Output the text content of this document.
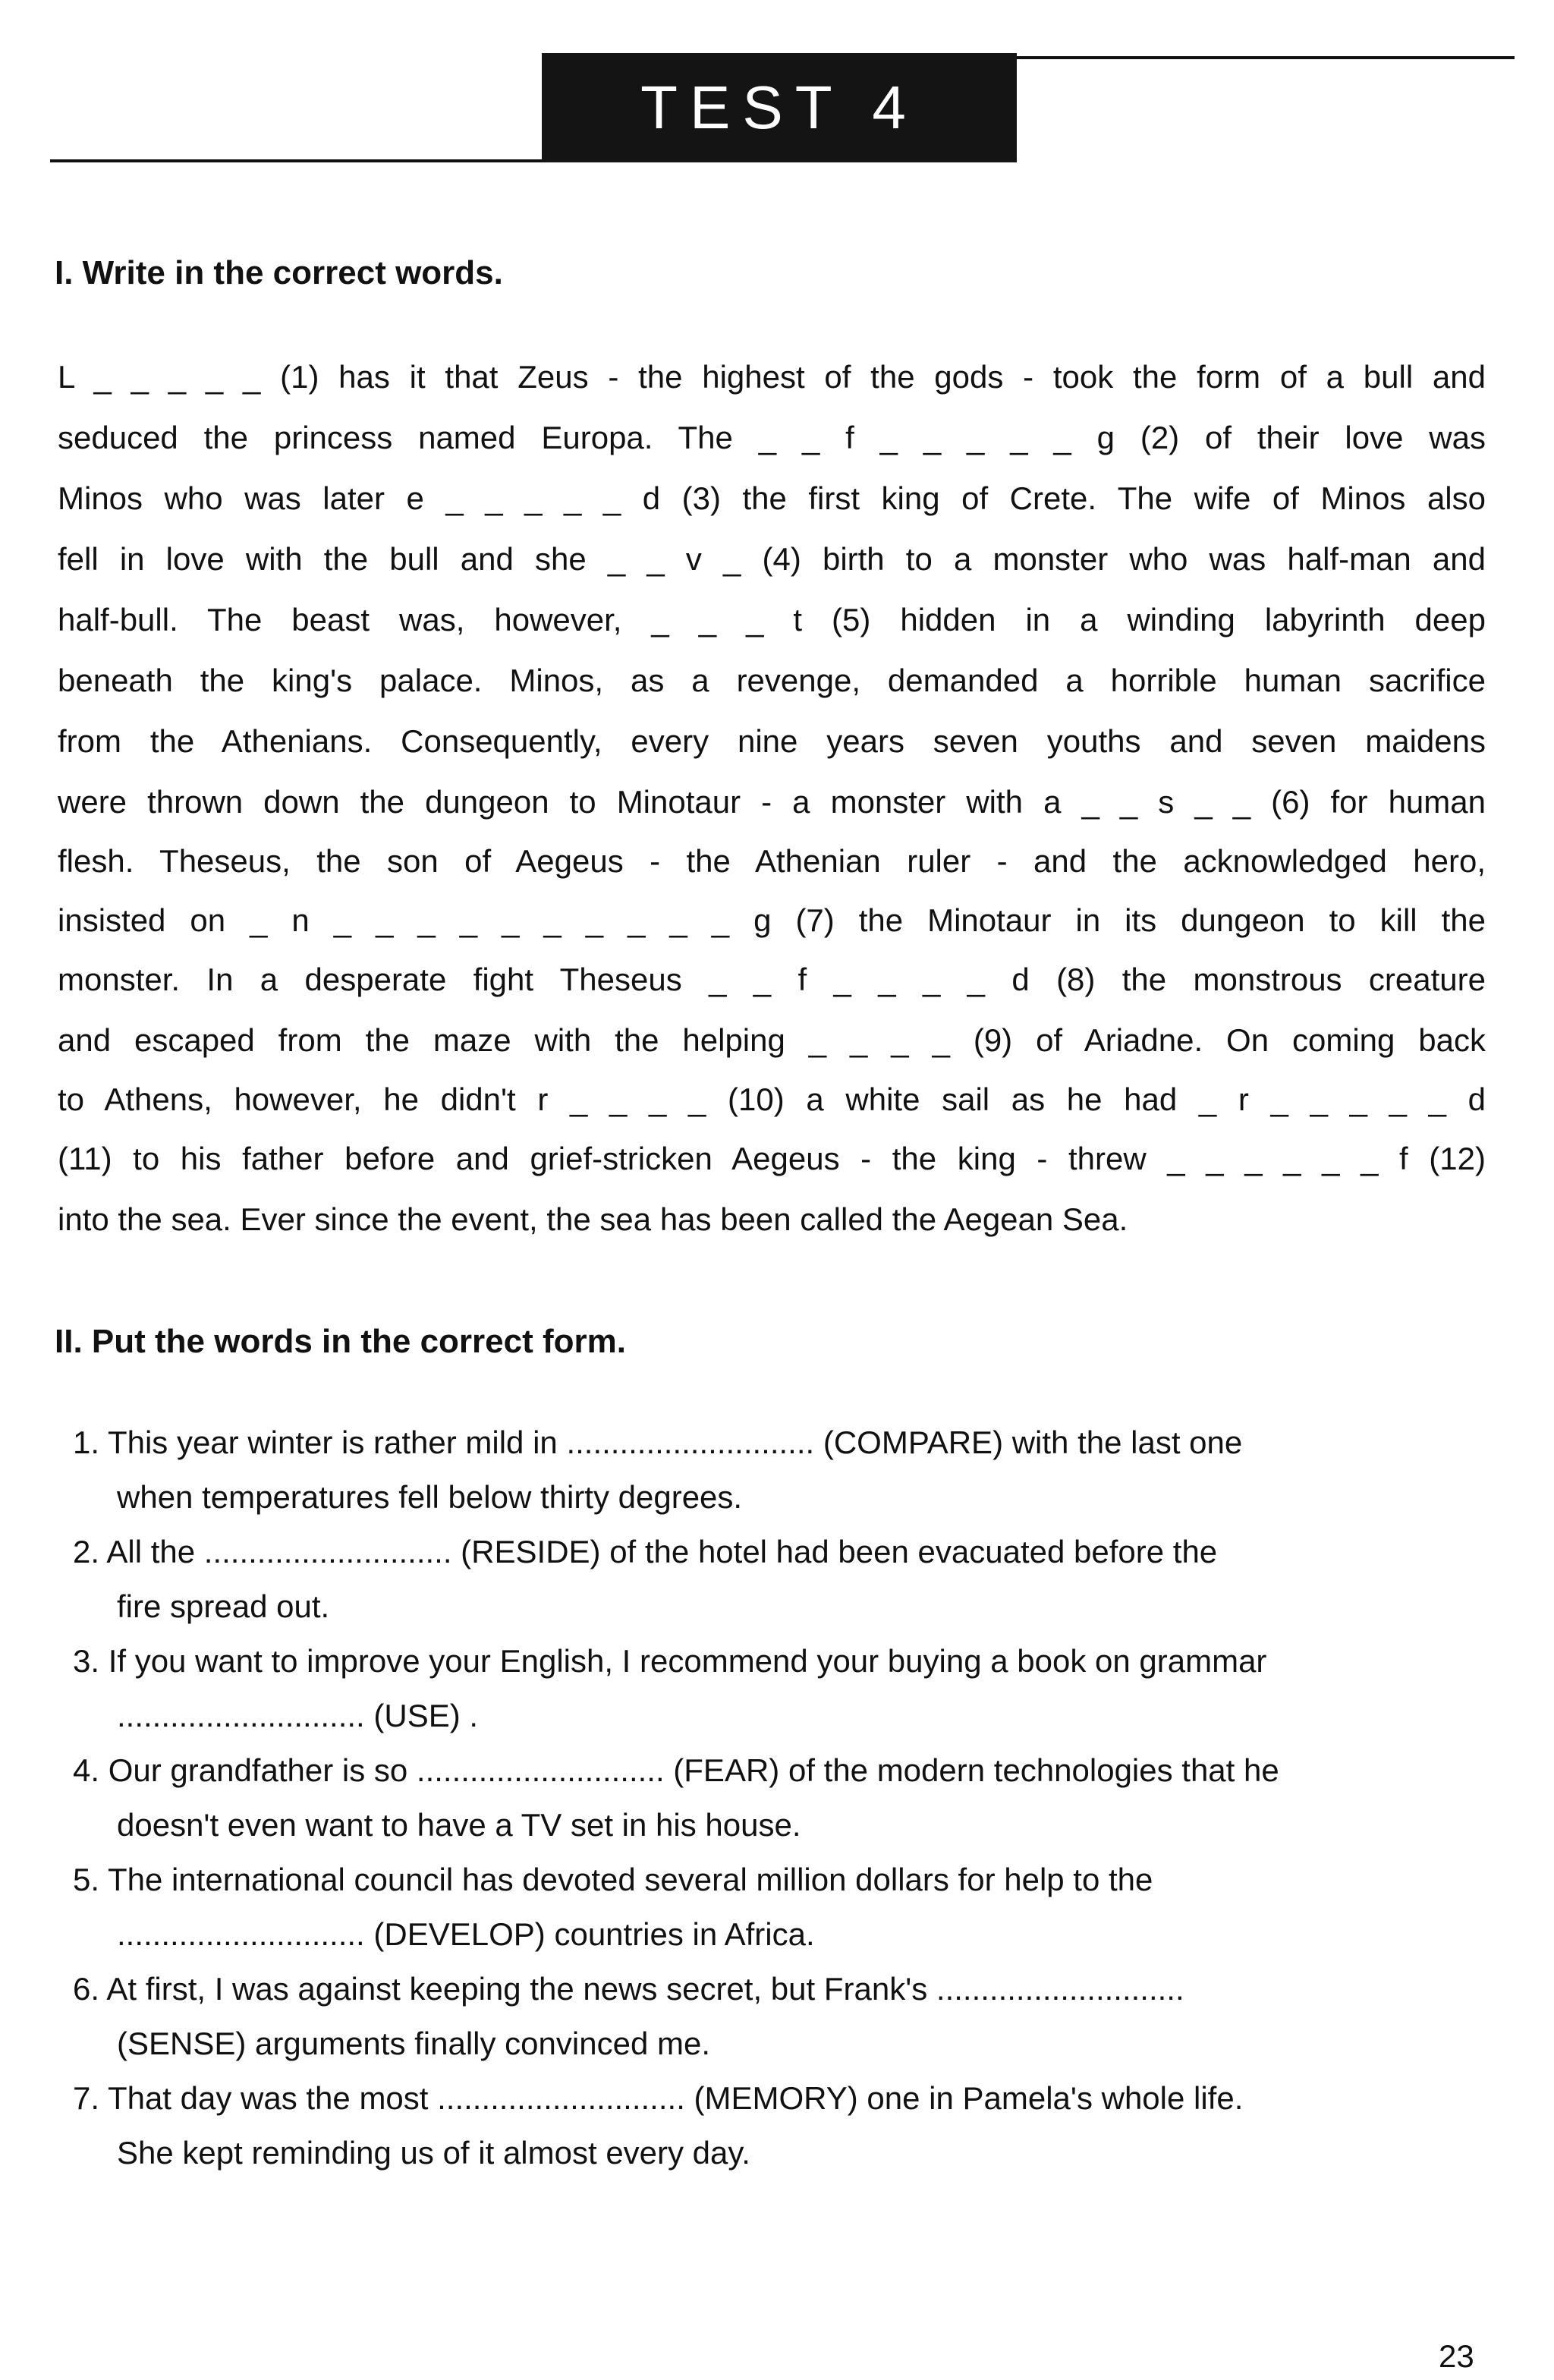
TEST 4
I. Write in the correct words.
L _ _ _ _ _ (1) has it that Zeus - the highest of the gods - took the form of a bull and
seduced the princess named Europa. The _ _ f _ _ _ _ _ g (2) of their love was
Minos who was later e _ _ _ _ _ d (3) the first king of Crete. The wife of Minos also
fell in love with the bull and she _ _ v _ (4) birth to a monster who was half-man and
half-bull. The beast was, however, _ _ _ t (5) hidden in a winding labyrinth deep
beneath the king's palace. Minos, as a revenge, demanded a horrible human sacrifice
from the Athenians. Consequently, every nine years seven youths and seven maidens
were thrown down the dungeon to Minotaur - a monster with a _ _ s _ _ (6) for human
flesh. Theseus, the son of Aegeus - the Athenian ruler - and the acknowledged hero,
insisted on _ n _ _ _ _ _ _ _ _ _ _ g (7) the Minotaur in its dungeon to kill the
monster. In a desperate fight Theseus _ _ f _ _ _ _ d (8) the monstrous creature
and escaped from the maze with the helping _ _ _ _ (9) of Ariadne. On coming back
to Athens, however, he didn't r _ _ _ _ (10) a white sail as he had _ r _ _ _ _ _ d
(11) to his father before and grief-stricken Aegeus - the king - threw _ _ _ _ _ _ f (12)
into the sea. Ever since the event, the sea has been called the Aegean Sea.
II. Put the words in the correct form.
1. This year winter is rather mild in ............................ (COMPARE) with the last one
when temperatures fell below thirty degrees.
2. All the ............................ (RESIDE) of the hotel had been evacuated before the
fire spread out.
3. If you want to improve your English, I recommend your buying a book on grammar
............................ (USE) .
4. Our grandfather is so ............................ (FEAR) of the modern technologies that he
doesn't even want to have a TV set in his house.
5. The international council has devoted several million dollars for help to the
............................ (DEVELOP) countries in Africa.
6. At first, I was against keeping the news secret, but Frank's ............................
(SENSE) arguments finally convinced me.
7. That day was the most ............................ (MEMORY) one in Pamela's whole life.
She kept reminding us of it almost every day.
23
